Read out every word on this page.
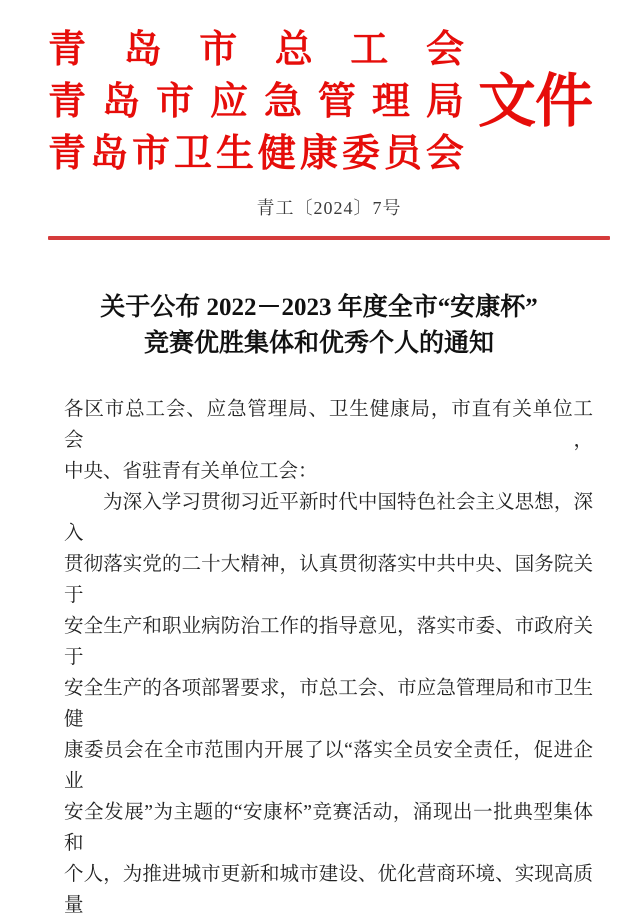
青 岛 市 总 工 会
青 岛 市 应 急 管 理 局
青 岛 市 卫 生 健 康 委 员 会
文件
青工〔2024〕7号
关于公布 2022－2023 年度全市“安康杯”
竞赛优胜集体和优秀个人的通知
各区市总工会、应急管理局、卫生健康局，市直有关单位工会，
中央、省驻青有关单位工会：
为深入学习贯彻习近平新时代中国特色社会主义思想，深入
贯彻落实党的二十大精神，认真贯彻落实中共中央、国务院关于
安全生产和职业病防治工作的指导意见，落实市委、市政府关于
安全生产的各项部署要求，市总工会、市应急管理局和市卫生健
康委员会在全市范围内开展了以“落实全员安全责任，促进企业
安全发展”为主题的“安康杯”竞赛活动，涌现出一批典型集体和
个人，为推进城市更新和城市建设、优化营商环境、实现高质量
